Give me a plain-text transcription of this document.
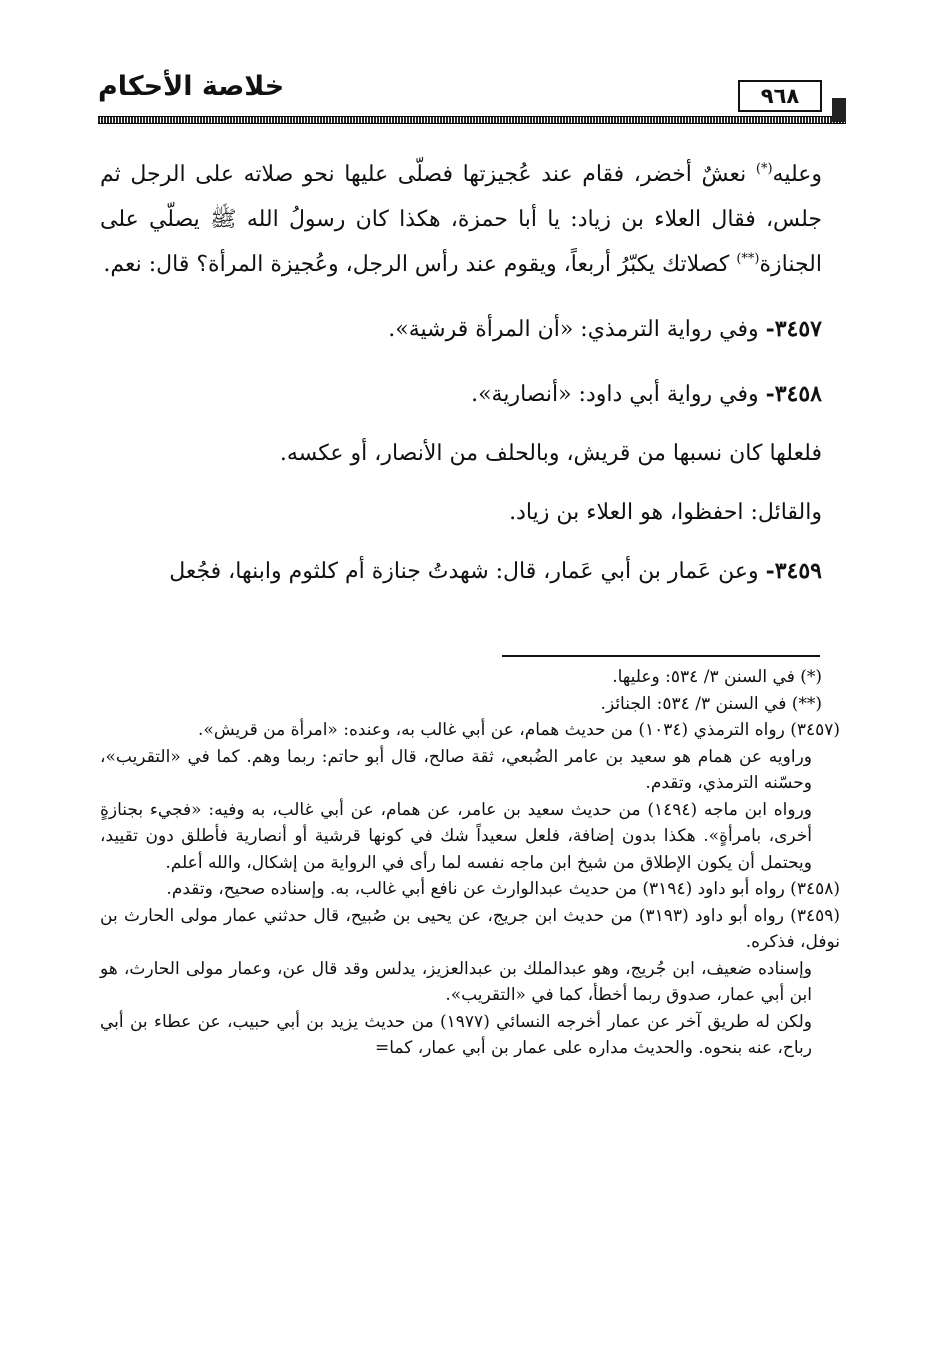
خلاصة الأحكام	٩٦٨

وعليه(*) نعشٌ أخضر، فقام عند عُجيزتها فصلّى عليها نحو صلاته على الرجل ثم جلس، فقال العلاء بن زياد: يا أبا حمزة، هكذا كان رسولُ الله ﷺ يصلّي على الجنازة(**) كصلاتك يكبّرُ أربعاً، ويقوم عند رأس الرجل، وعُجيزة المرأة؟ قال: نعم.

٣٤٥٧- وفي رواية الترمذي: «أن المرأة قرشية».

٣٤٥٨- وفي رواية أبي داود: «أنصارية».

فلعلها كان نسبها من قريش، وبالحلف من الأنصار، أو عكسه.

والقائل: احفظوا، هو العلاء بن زياد.

٣٤٥٩- وعن عَمار بن أبي عَمار، قال: شهدتُ جنازة أم كلثوم وابنها، فجُعل

(*) في السنن ٣/ ٥٣٤: وعليها.

(**) في السنن ٣/ ٥٣٤: الجنائز.

(٣٤٥٧) رواه الترمذي (١٠٣٤) من حديث همام، عن أبي غالب به، وعنده: «امرأة من قريش».

وراويه عن همام هو سعيد بن عامر الضُبعي، ثقة صالح، قال أبو حاتم: ربما وهم. كما في «التقريب»، وحسّنه الترمذي، وتقدم.

ورواه ابن ماجه (١٤٩٤) من حديث سعيد بن عامر، عن همام، عن أبي غالب، به وفيه: «فجيء بجنازةٍ أخرى، بامرأةٍ». هكذا بدون إضافة، فلعل سعيداً شك في كونها قرشية أو أنصارية فأطلق دون تقييد، ويحتمل أن يكون الإطلاق من شيخ ابن ماجه نفسه لما رأى في الرواية من إشكال، والله أعلم.

(٣٤٥٨) رواه أبو داود (٣١٩٤) من حديث عبدالوارث عن نافع أبي غالب، به. وإسناده صحيح، وتقدم.

(٣٤٥٩) رواه أبو داود (٣١٩٣) من حديث ابن جريج، عن يحيى بن صُبيح، قال حدثني عمار مولى الحارث بن نوفل، فذكره.

وإسناده ضعيف، ابن جُريج، وهو عبدالملك بن عبدالعزيز، يدلس وقد قال عن، وعمار مولى الحارث، هو ابن أبي عمار، صدوق ربما أخطأ، كما في «التقريب».

ولكن له طريق آخر عن عمار أخرجه النسائي (١٩٧٧) من حديث يزيد بن أبي حبيب، عن عطاء بن أبي رباح، عنه بنحوه. والحديث مداره على عمار بن أبي عمار، كما=
